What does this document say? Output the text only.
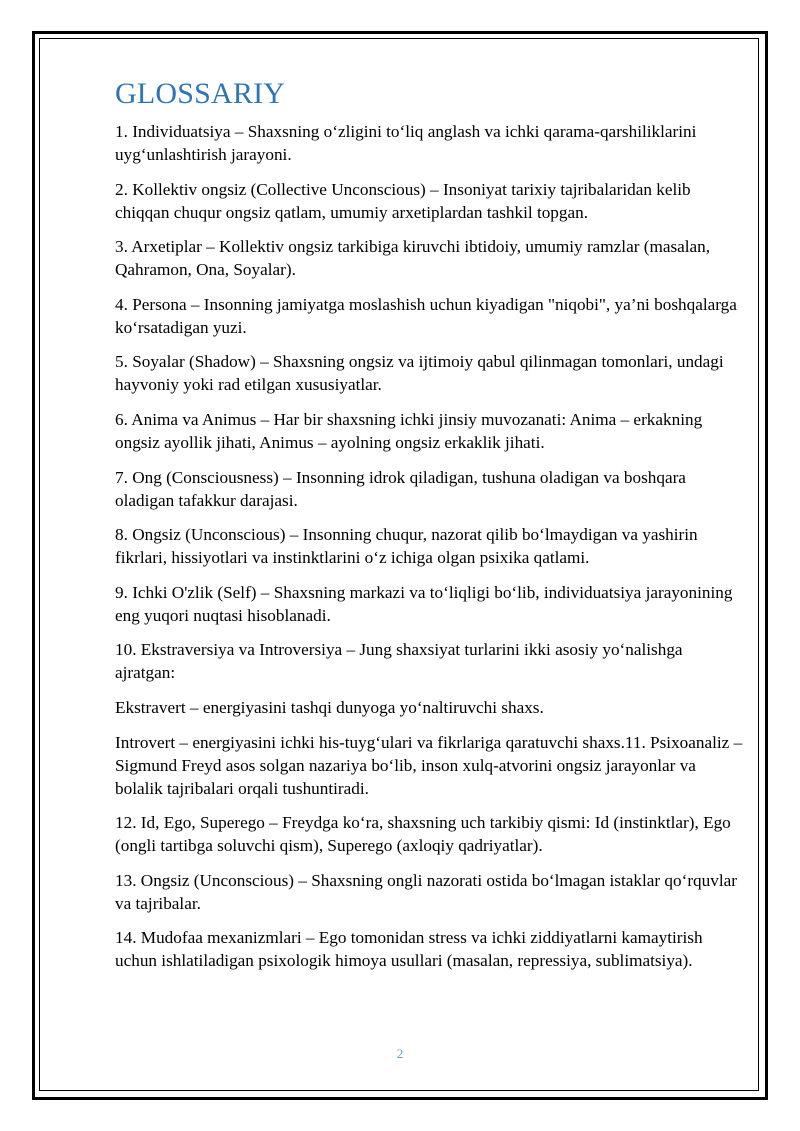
GLOSSARIY

1. Individuatsiya – Shaxsning o‘zligini to‘liq anglash va ichki qarama-qarshiliklarini uyg‘unlashtirish jarayoni.

2. Kollektiv ongsiz (Collective Unconscious) – Insoniyat tarixiy tajribalaridan kelib chiqqan chuqur ongsiz qatlam, umumiy arxetiplardan tashkil topgan.

3. Arxetiplar – Kollektiv ongsiz tarkibiga kiruvchi ibtidoiy, umumiy ramzlar (masalan, Qahramon, Ona, Soyalar).

4. Persona – Insonning jamiyatga moslashish uchun kiyadigan "niqobi", ya’ni boshqalarga ko‘rsatadigan yuzi.

5. Soyalar (Shadow) – Shaxsning ongsiz va ijtimoiy qabul qilinmagan tomonlari, undagi hayvoniy yoki rad etilgan xususiyatlar.

6. Anima va Animus – Har bir shaxsning ichki jinsiy muvozanati: Anima – erkakning ongsiz ayollik jihati, Animus – ayolning ongsiz erkaklik jihati.

7. Ong (Consciousness) – Insonning idrok qiladigan, tushuna oladigan va boshqara oladigan tafakkur darajasi.

8. Ongsiz (Unconscious) – Insonning chuqur, nazorat qilib bo‘lmaydigan va yashirin fikrlari, hissiyotlari va instinktlarini o‘z ichiga olgan psixika qatlami.

9. Ichki O'zlik (Self) – Shaxsning markazi va to‘liqligi bo‘lib, individuatsiya jarayonining eng yuqori nuqtasi hisoblanadi.

10. Ekstraversiya va Introversiya – Jung shaxsiyat turlarini ikki asosiy yo‘nalishga ajratgan:

Ekstravert – energiyasini tashqi dunyoga yo‘naltiruvchi shaxs.

Introvert – energiyasini ichki his-tuyg‘ulari va fikrlariga qaratuvchi shaxs.11. Psixoanaliz – Sigmund Freyd asos solgan nazariya bo‘lib, inson xulq-atvorini ongsiz jarayonlar va bolalik tajribalari orqali tushuntiradi.

12. Id, Ego, Superego – Freydga ko‘ra, shaxsning uch tarkibiy qismi: Id (instinktlar), Ego (ongli tartibga soluvchi qism), Superego (axloqiy qadriyatlar).

13. Ongsiz (Unconscious) – Shaxsning ongli nazorati ostida bo‘lmagan istaklar qo‘rquvlar va tajribalar.

14. Mudofaa mexanizmlari – Ego tomonidan stress va ichki ziddiyatlarni kamaytirish uchun ishlatiladigan psixologik himoya usullari (masalan, repressiya, sublimatsiya).

2
